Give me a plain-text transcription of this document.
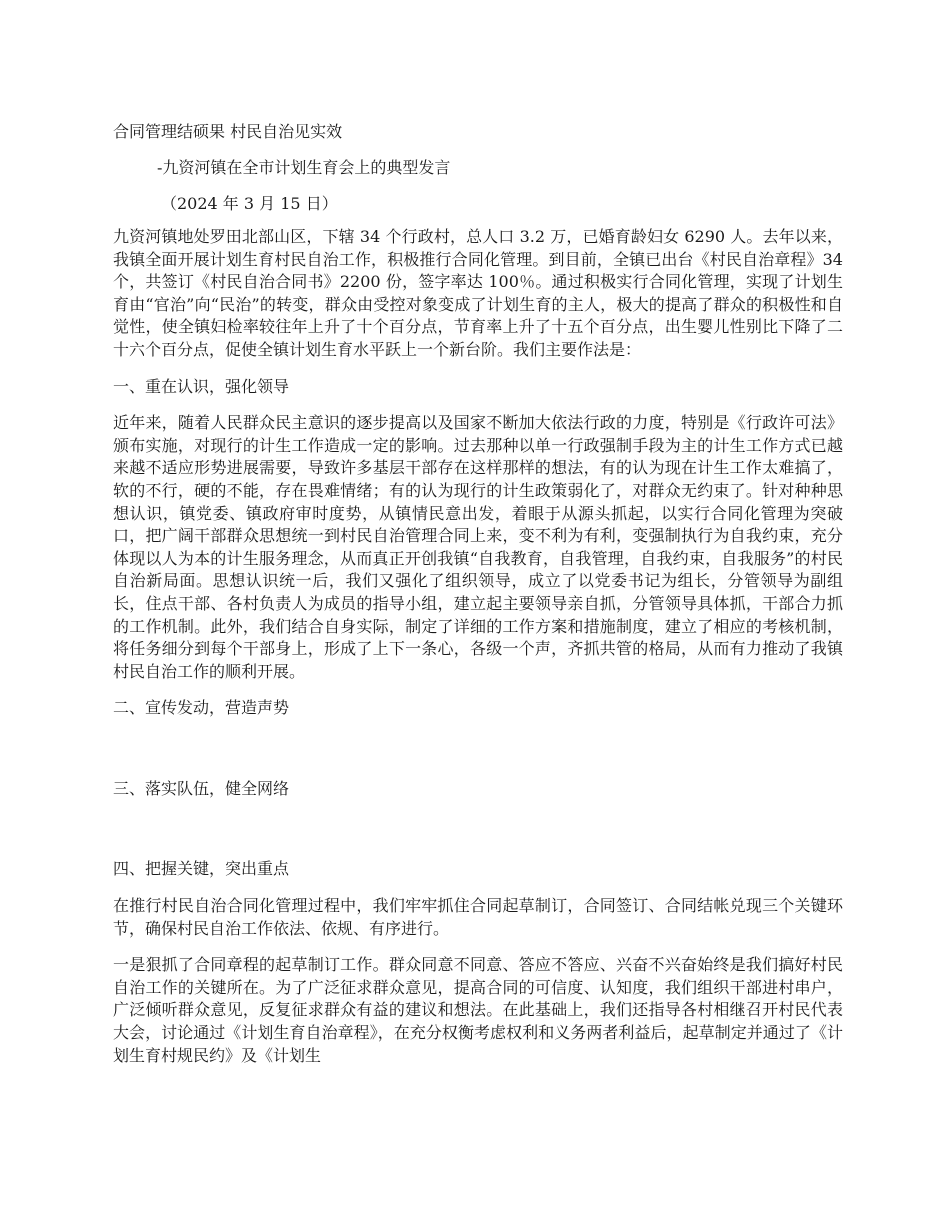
合同管理结硕果 村民自治见实效
-九资河镇在全市计划生育会上的典型发言
（2024 年 3 月 15 日）

九资河镇地处罗田北部山区，下辖 34 个行政村，总人口 3.2 万，已婚育龄妇女 6290 人。去年以来，我镇全面开展计划生育村民自治工作，积极推行合同化管理。到目前，全镇已出台《村民自治章程》34 个，共签订《村民自治合同书》2200 份，签字率达 100％。通过积极实行合同化管理，实现了计划生育由“官治”向“民治”的转变，群众由受控对象变成了计划生育的主人，极大的提高了群众的积极性和自觉性，使全镇妇检率较往年上升了十个百分点，节育率上升了十五个百分点，出生婴儿性别比下降了二十六个百分点，促使全镇计划生育水平跃上一个新台阶。我们主要作法是：

一、重在认识，强化领导

近年来，随着人民群众民主意识的逐步提高以及国家不断加大依法行政的力度，特别是《行政许可法》颁布实施，对现行的计生工作造成一定的影响。过去那种以单一行政强制手段为主的计生工作方式已越来越不适应形势进展需要，导致许多基层干部存在这样那样的想法，有的认为现在计生工作太难搞了，软的不行，硬的不能，存在畏难情绪；有的认为现行的计生政策弱化了，对群众无约束了。针对种种思想认识，镇党委、镇政府审时度势，从镇情民意出发，着眼于从源头抓起，以实行合同化管理为突破口，把广阔干部群众思想统一到村民自治管理合同上来，变不利为有利，变强制执行为自我约束，充分体现以人为本的计生服务理念，从而真正开创我镇“自我教育，自我管理，自我约束，自我服务”的村民自治新局面。思想认识统一后，我们又强化了组织领导，成立了以党委书记为组长，分管领导为副组长，住点干部、各村负责人为成员的指导小组，建立起主要领导亲自抓，分管领导具体抓，干部合力抓的工作机制。此外，我们结合自身实际，制定了详细的工作方案和措施制度，建立了相应的考核机制，将任务细分到每个干部身上，形成了上下一条心，各级一个声，齐抓共管的格局，从而有力推动了我镇村民自治工作的顺利开展。

二、宣传发动，营造声势
三、落实队伍，健全网络
四、把握关键，突出重点

在推行村民自治合同化管理过程中，我们牢牢抓住合同起草制订，合同签订、合同结帐兑现三个关键环节，确保村民自治工作依法、依规、有序进行。

一是狠抓了合同章程的起草制订工作。群众同意不同意、答应不答应、兴奋不兴奋始终是我们搞好村民自治工作的关键所在。为了广泛征求群众意见，提高合同的可信度、认知度，我们组织干部进村串户，广泛倾听群众意见，反复征求群众有益的建议和想法。在此基础上，我们还指导各村相继召开村民代表大会，讨论通过《计划生育自治章程》，在充分权衡考虑权利和义务两者利益后，起草制定并通过了《计划生育村规民约》及《计划生
